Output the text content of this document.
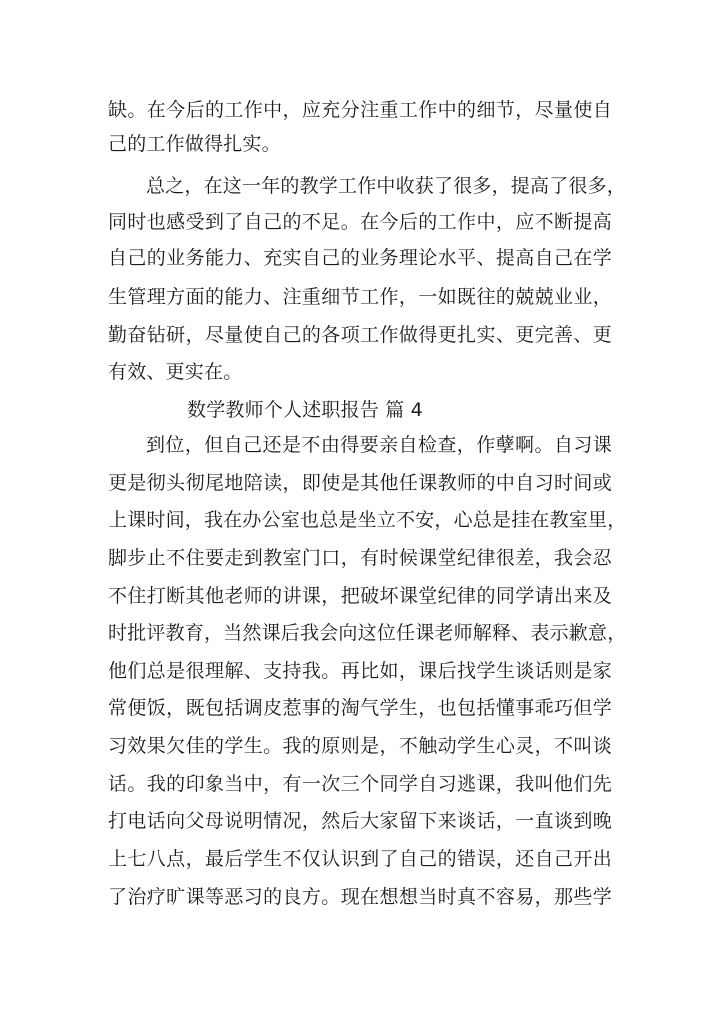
缺。在今后的工作中，应充分注重工作中的细节，尽量使自
己的工作做得扎实。
总之，在这一年的教学工作中收获了很多，提高了很多，
同时也感受到了自己的不足。在今后的工作中，应不断提高
自己的业务能力、充实自己的业务理论水平、提高自己在学
生管理方面的能力、注重细节工作，一如既往的兢兢业业，
勤奋钻研，尽量使自己的各项工作做得更扎实、更完善、更
有效、更实在。
数学教师个人述职报告 篇 4
到位，但自己还是不由得要亲自检查，作孽啊。自习课
更是彻头彻尾地陪读，即使是其他任课教师的中自习时间或
上课时间，我在办公室也总是坐立不安，心总是挂在教室里，
脚步止不住要走到教室门口，有时候课堂纪律很差，我会忍
不住打断其他老师的讲课，把破坏课堂纪律的同学请出来及
时批评教育，当然课后我会向这位任课老师解释、表示歉意，
他们总是很理解、支持我。再比如，课后找学生谈话则是家
常便饭，既包括调皮惹事的淘气学生，也包括懂事乖巧但学
习效果欠佳的学生。我的原则是，不触动学生心灵，不叫谈
话。我的印象当中，有一次三个同学自习逃课，我叫他们先
打电话向父母说明情况，然后大家留下来谈话，一直谈到晚
上七八点，最后学生不仅认识到了自己的错误，还自己开出
了治疗旷课等恶习的良方。现在想想当时真不容易，那些学
